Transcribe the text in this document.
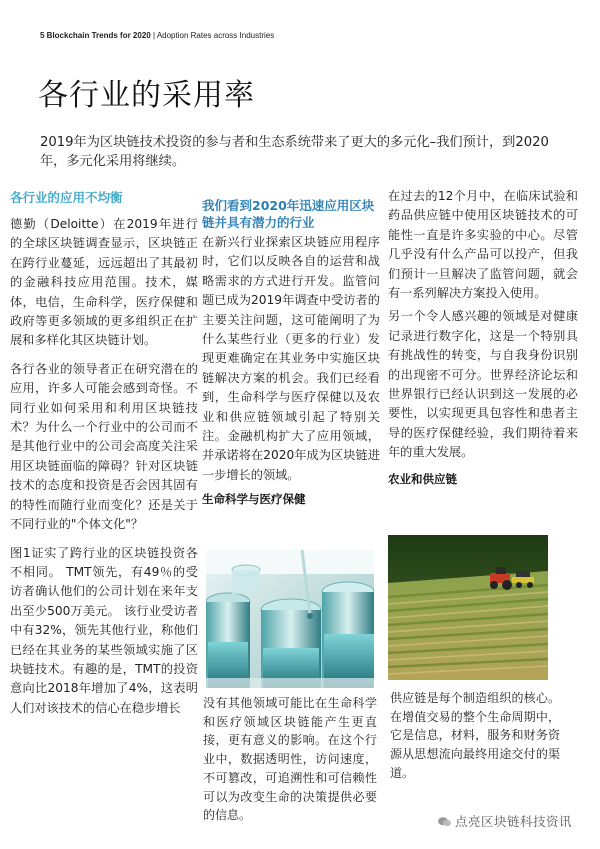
5 Blockchain Trends for 2020 | Adoption Rates across Industries
各行业的采用率

2019年为区块链技术投资的参与者和生态系统带来了更大的多元化–我们预计，到2020年，多元化采用将继续。

各行业的应用不均衡

德勤（Deloitte）在2019年进行的全球区块链调查显示，区块链正在跨行业蔓延，远远超出了其最初的金融科技应用范围。技术，媒体，电信，生命科学，医疗保健和政府等更多领域的更多组织正在扩展和多样化其区块链计划。

各行各业的领导者正在研究潜在的应用，许多人可能会感到奇怪。不同行业如何采用和利用区块链技术？为什么一个行业中的公司而不是其他行业中的公司会高度关注采用区块链面临的障碍？针对区块链技术的态度和投资是否会因其固有的特性而随行业而变化？还是关于不同行业的"个体文化"？

图1证实了跨行业的区块链投资各不相同。 TMT领先，有49％的受访者确认他们的公司计划在来年支出至少500万美元。 该行业受访者中有32%，领先其他行业，称他们已经在其业务的某些领域实施了区块链技术。有趣的是，TMT的投资意向比2018年增加了4%，这表明人们对该技术的信心在稳步增长

我们看到2020年迅速应用区块链并具有潜力的行业

在新兴行业探索区块链应用程序时，它们以反映各自的运营和战略需求的方式进行开发。监管问题已成为2019年调查中受访者的主要关注问题，这可能阐明了为什么某些行业（更多的行业）发现更难确定在其业务中实施区块链解决方案的机会。我们已经看到，生命科学与医疗保健以及农业和供应链领域引起了特别关注。金融机构扩大了应用领域，并承诺将在2020年成为区块链进一步增长的领域。

生命科学与医疗保健

没有其他领域可能比在生命科学和医疗领域区块链能产生更直接，更有意义的影响。在这个行业中，数据透明性，访问速度，不可篡改，可追溯性和可信赖性可以为改变生命的决策提供必要的信息。

在过去的12个月中，在临床试验和药品供应链中使用区块链技术的可能性一直是许多实验的中心。尽管几乎没有什么产品可以投产，但我们预计一旦解决了监管问题，就会有一系列解决方案投入使用。

另一个令人感兴趣的领域是对健康记录进行数字化，这是一个特别具有挑战性的转变，与自我身份识别的出现密不可分。世界经济论坛和世界银行已经认识到这一发展的必要性，以实现更具包容性和患者主导的医疗保健经验，我们期待着来年的重大发展。

农业和供应链

供应链是每个制造组织的核心。在增值交易的整个生命周期中，它是信息，材料，服务和财务资源从思想流向最终用途交付的渠道。

点亮区块链科技资讯
